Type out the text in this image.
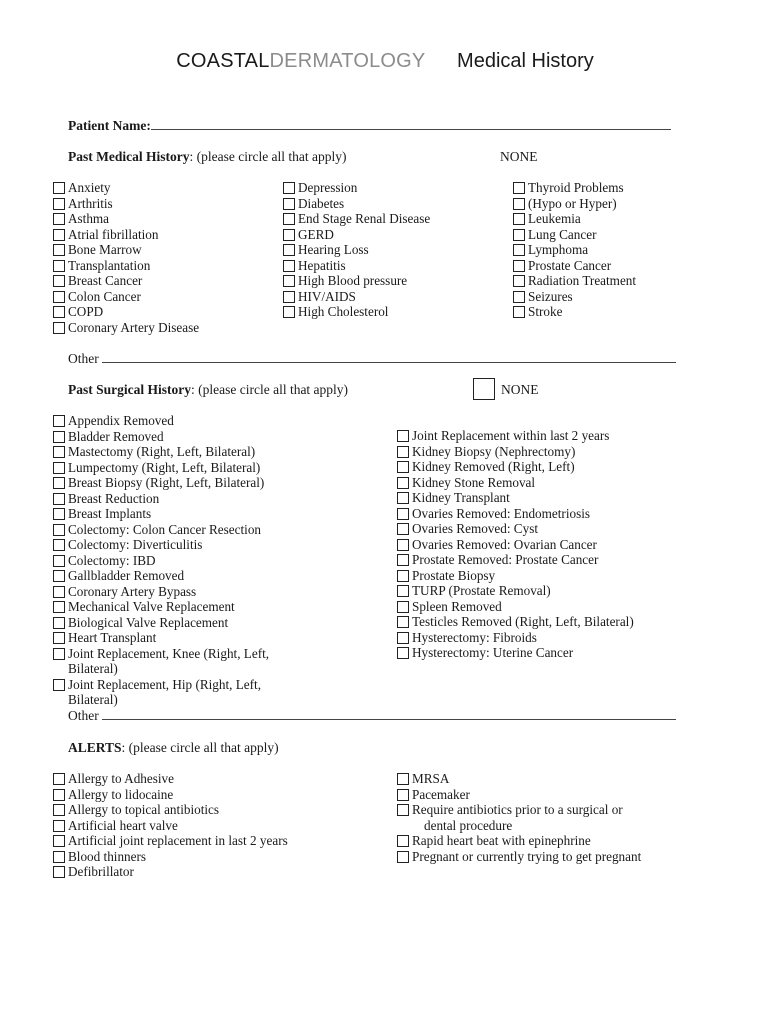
COASTALDERMATOLOGY Medical History
Patient Name:
Past Medical History: (please circle all that apply)	NONE
Anxiety
Arthritis
Asthma
Atrial fibrillation
Bone Marrow
Transplantation
Breast Cancer
Colon Cancer
COPD
Coronary Artery Disease
Depression
Diabetes
End Stage Renal Disease
GERD
Hearing Loss
Hepatitis
High Blood pressure
HIV/AIDS
High Cholesterol
Thyroid Problems
(Hypo or Hyper)
Leukemia
Lung Cancer
Lymphoma
Prostate Cancer
Radiation Treatment
Seizures
Stroke
Other
Past Surgical History: (please circle all that apply)	NONE
Appendix Removed
Bladder Removed
Mastectomy (Right, Left, Bilateral)
Lumpectomy (Right, Left, Bilateral)
Breast Biopsy (Right, Left, Bilateral)
Breast Reduction
Breast Implants
Colectomy: Colon Cancer Resection
Colectomy: Diverticulitis
Colectomy: IBD
Gallbladder Removed
Coronary Artery Bypass
Mechanical Valve Replacement
Biological Valve Replacement
Heart Transplant
Joint Replacement, Knee (Right, Left, Bilateral)
Joint Replacement, Hip (Right, Left, Bilateral)
Joint Replacement within last 2 years
Kidney Biopsy (Nephrectomy)
Kidney Removed (Right, Left)
Kidney Stone Removal
Kidney Transplant
Ovaries Removed: Endometriosis
Ovaries Removed: Cyst
Ovaries Removed: Ovarian Cancer
Prostate Removed: Prostate Cancer
Prostate Biopsy
TURP (Prostate Removal)
Spleen Removed
Testicles Removed (Right, Left, Bilateral)
Hysterectomy: Fibroids
Hysterectomy: Uterine Cancer
Other
ALERTS: (please circle all that apply)
Allergy to Adhesive
Allergy to lidocaine
Allergy to topical antibiotics
Artificial heart valve
Artificial joint replacement in last 2 years
Blood thinners
Defibrillator
MRSA
Pacemaker
Require antibiotics prior to a surgical or
dental procedure
Rapid heart beat with epinephrine
Pregnant or currently trying to get pregnant
